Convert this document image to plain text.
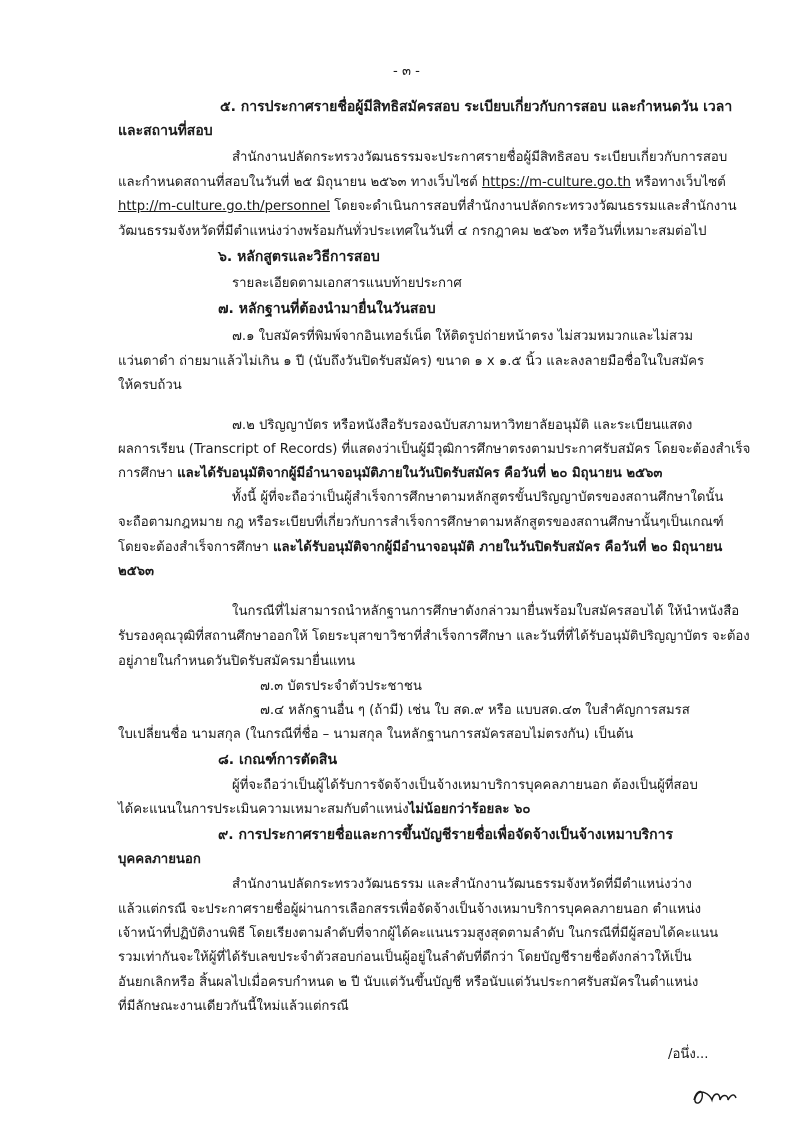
- ๓ -
๕. การประกาศรายชื่อผู้มีสิทธิสมัครสอบ ระเบียบเกี่ยวกับการสอบ และกำหนดวัน เวลา
และสถานที่สอบ
สำนักงานปลัดกระทรวงวัฒนธรรมจะประกาศรายชื่อผู้มีสิทธิสอบ ระเบียบเกี่ยวกับการสอบ
และกำหนดสถานที่สอบในวันที่ ๒๕ มิถุนายน ๒๕๖๓ ทางเว็บไซต์ https://m-culture.go.th หรือทางเว็บไซต์
http://m-culture.go.th/personnel โดยจะดำเนินการสอบที่สำนักงานปลัดกระทรวงวัฒนธรรมและสำนักงาน
วัฒนธรรมจังหวัดที่มีตำแหน่งว่างพร้อมกันทั่วประเทศในวันที่ ๔ กรกฎาคม ๒๕๖๓ หรือวันที่เหมาะสมต่อไป
๖. หลักสูตรและวิธีการสอบ
รายละเอียดตามเอกสารแนบท้ายประกาศ
๗. หลักฐานที่ต้องนำมายื่นในวันสอบ
๗.๑ ใบสมัครที่พิมพ์จากอินเทอร์เน็ต ให้ติดรูปถ่ายหน้าตรง ไม่สวมหมวกและไม่สวม
แว่นตาดำ ถ่ายมาแล้วไม่เกิน ๑ ปี (นับถึงวันปิดรับสมัคร) ขนาด ๑ x ๑.๕ นิ้ว และลงลายมือชื่อในใบสมัคร
ให้ครบถ้วน
๗.๒ ปริญญาบัตร หรือหนังสือรับรองฉบับสภามหาวิทยาลัยอนุมัติ และระเบียนแสดง
ผลการเรียน (Transcript of Records) ที่แสดงว่าเป็นผู้มีวุฒิการศึกษาตรงตามประกาศรับสมัคร โดยจะต้องสำเร็จ
การศึกษา และได้รับอนุมัติจากผู้มีอำนาจอนุมัติภายในวันปิดรับสมัคร คือวันที่ ๒๐ มิถุนายน ๒๕๖๓
ทั้งนี้ ผู้ที่จะถือว่าเป็นผู้สำเร็จการศึกษาตามหลักสูตรขั้นปริญญาบัตรของสถานศึกษาใดนั้น
จะถือตามกฎหมาย กฎ หรือระเบียบที่เกี่ยวกับการสำเร็จการศึกษาตามหลักสูตรของสถานศึกษานั้นๆเป็นเกณฑ์
โดยจะต้องสำเร็จการศึกษา และได้รับอนุมัติจากผู้มีอำนาจอนุมัติ ภายในวันปิดรับสมัคร คือวันที่ ๒๐ มิถุนายน
๒๕๖๓
ในกรณีที่ไม่สามารถนำหลักฐานการศึกษาดังกล่าวมายื่นพร้อมใบสมัครสอบได้ ให้นำหนังสือ
รับรองคุณวุฒิที่สถานศึกษาออกให้ โดยระบุสาขาวิชาที่สำเร็จการศึกษา และวันที่ที่ได้รับอนุมัติปริญญาบัตร จะต้อง
อยู่ภายในกำหนดวันปิดรับสมัครมายื่นแทน
๗.๓ บัตรประจำตัวประชาชน
๗.๔ หลักฐานอื่น ๆ (ถ้ามี) เช่น ใบ สด.๙ หรือ แบบสด.๔๓ ใบสำคัญการสมรส
ใบเปลี่ยนชื่อ นามสกุล (ในกรณีที่ชื่อ – นามสกุล ในหลักฐานการสมัครสอบไม่ตรงกัน) เป็นต้น
๘. เกณฑ์การตัดสิน
ผู้ที่จะถือว่าเป็นผู้ได้รับการจัดจ้างเป็นจ้างเหมาบริการบุคคลภายนอก ต้องเป็นผู้ที่สอบ
ได้คะแนนในการประเมินความเหมาะสมกับตำแหน่งไม่น้อยกว่าร้อยละ ๖๐
๙. การประกาศรายชื่อและการขึ้นบัญชีรายชื่อเพื่อจัดจ้างเป็นจ้างเหมาบริการ
บุคคลภายนอก
สำนักงานปลัดกระทรวงวัฒนธรรม และสำนักงานวัฒนธรรมจังหวัดที่มีตำแหน่งว่าง
แล้วแต่กรณี จะประกาศรายชื่อผู้ผ่านการเลือกสรรเพื่อจัดจ้างเป็นจ้างเหมาบริการบุคคลภายนอก ตำแหน่ง
เจ้าหน้าที่ปฏิบัติงานพิธี โดยเรียงตามลำดับที่จากผู้ได้คะแนนรวมสูงสุดตามลำดับ ในกรณีที่มีผู้สอบได้คะแนน
รวมเท่ากันจะให้ผู้ที่ได้รับเลขประจำตัวสอบก่อนเป็นผู้อยู่ในลำดับที่ดีกว่า โดยบัญชีรายชื่อดังกล่าวให้เป็น
อันยกเลิกหรือ สิ้นผลไปเมื่อครบกำหนด ๒ ปี นับแต่วันขึ้นบัญชี หรือนับแต่วันประกาศรับสมัครในตำแหน่ง
ที่มีลักษณะงานเดียวกันนี้ใหม่แล้วแต่กรณี
/อนึ่ง...
